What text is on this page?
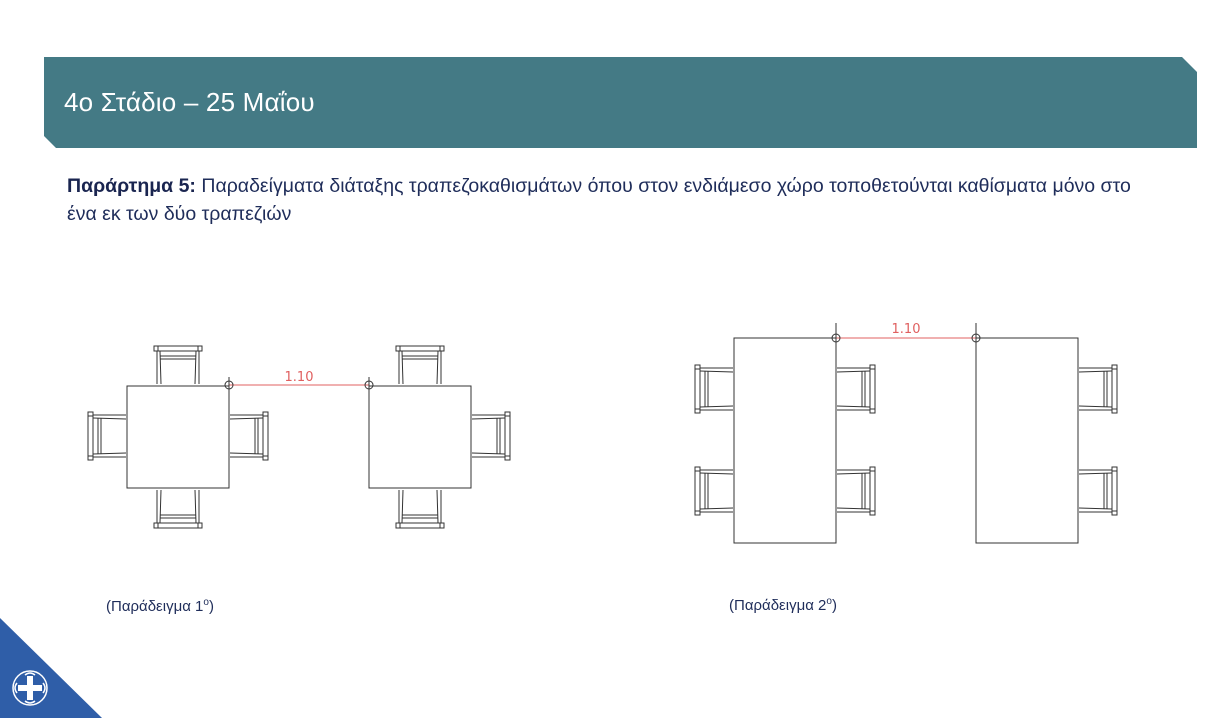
4ο Στάδιο – 25 Μαΐου
Παράρτημα 5: Παραδείγματα διάταξης τραπεζοκαθισμάτων όπου στον ενδιάμεσο χώρο τοποθετούνται καθίσματα μόνο στο ένα εκ των δύο τραπεζιών
1.10
1.10
(Παράδειγμα $1^o$)	(Παράδειγμα $2^o$)
